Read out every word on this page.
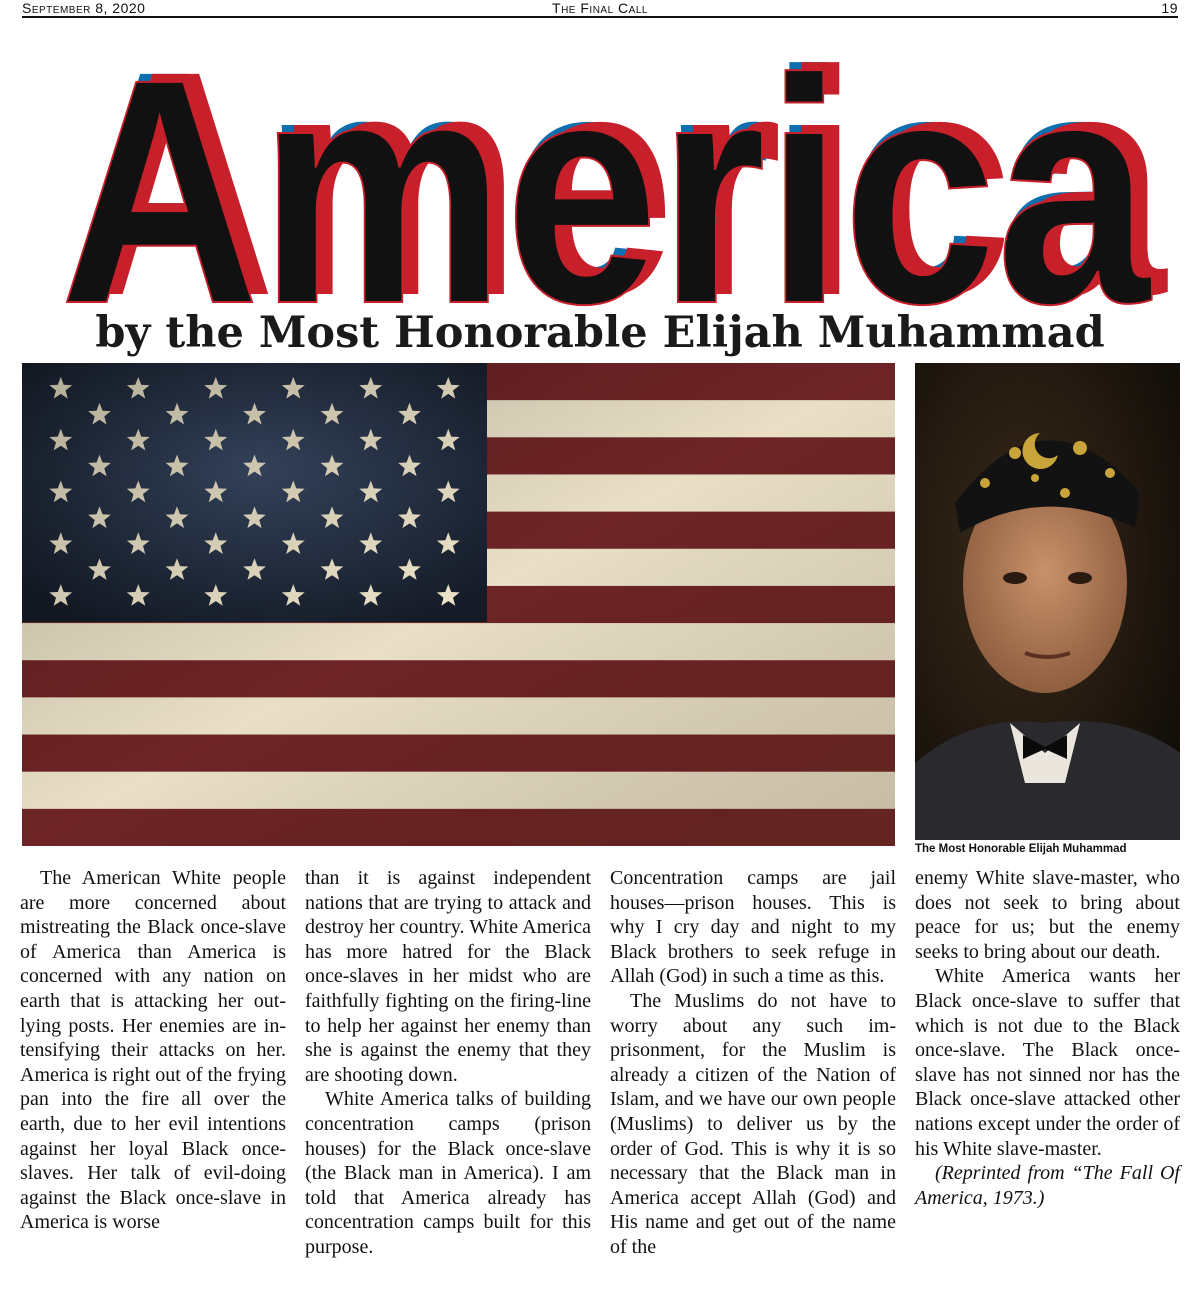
September 8, 2020	The Final Call	19
America
America
America
by the Most Honorable Elijah Muhammad
The Most Honorable Elijah Muhammad

The American White people are more concerned about mistreating the Black once-slave of America than America is concerned with any nation on earth that is attacking her out-lying posts. Her enemies are intensifying their attacks on her. America is right out of the frying pan into the fire all over the earth, due to her evil intentions against her loyal Black once-slaves. Her talk of evil-doing against the Black once-slave in America is worse

than it is against independent nations that are trying to attack and destroy her country. White America has more hatred for the Black once-slaves in her midst who are faithfully fighting on the firing-line to help her against her enemy than she is against the enemy that they are shooting down.

White America talks of building concentration camps (prison houses) for the Black once-slave (the Black man in America). I am told that America already has concentration camps built for this purpose.

Concentration camps are jail houses—prison houses. This is why I cry day and night to my Black brothers to seek refuge in Allah (God) in such a time as this.

The Muslims do not have to worry about any such imprisonment, for the Muslim is already a citizen of the Nation of Islam, and we have our own people (Muslims) to deliver us by the order of God. This is why it is so necessary that the Black man in America accept Allah (God) and His name and get out of the name of the

enemy White slave-master, who does not seek to bring about peace for us; but the enemy seeks to bring about our death.

White America wants her Black once-slave to suffer that which is not due to the Black once-slave. The Black once-slave has not sinned nor has the Black once-slave attacked other nations except under the order of his White slave-master.

(Reprinted from “The Fall Of America, 1973.)
